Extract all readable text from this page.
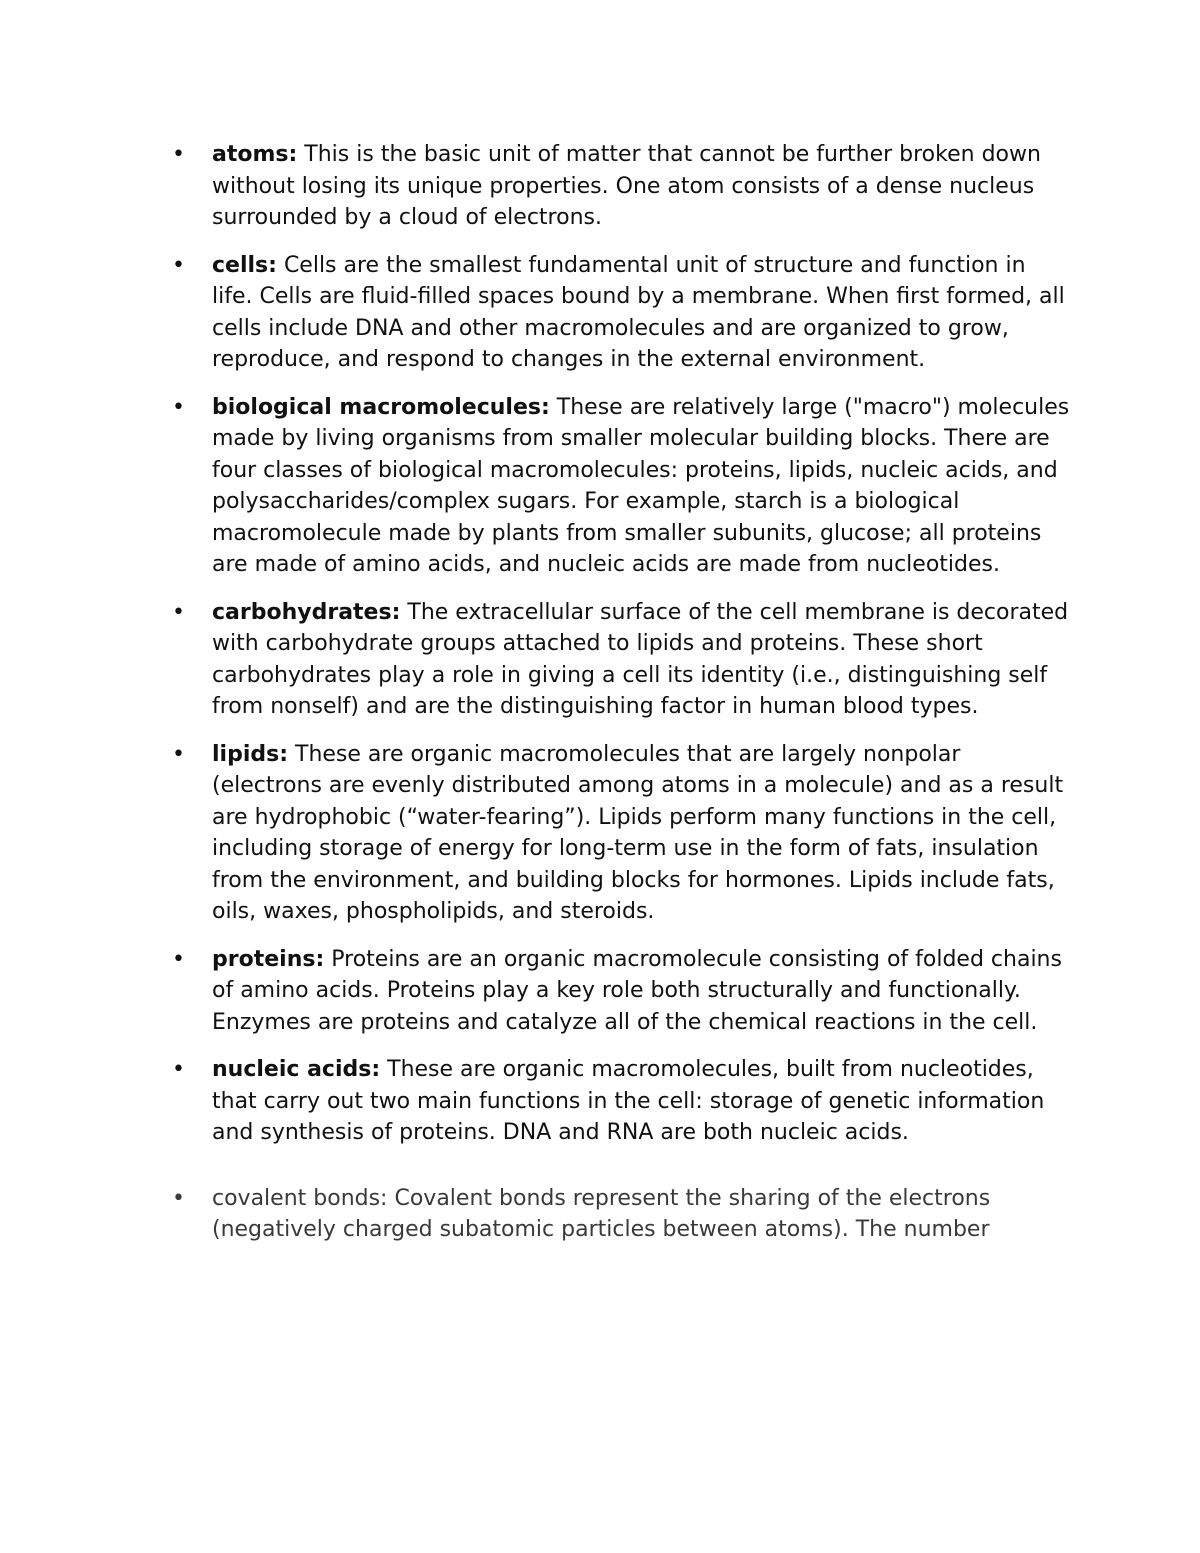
• atoms: This is the basic unit of matter that cannot be further broken down without losing its unique properties. One atom consists of a dense nucleus surrounded by a cloud of electrons.
• cells: Cells are the smallest fundamental unit of structure and function in life. Cells are fluid-filled spaces bound by a membrane. When first formed, all cells include DNA and other macromolecules and are organized to grow, reproduce, and respond to changes in the external environment.
• biological macromolecules: These are relatively large ("macro") molecules made by living organisms from smaller molecular building blocks. There are four classes of biological macromolecules: proteins, lipids, nucleic acids, and polysaccharides/complex sugars. For example, starch is a biological macromolecule made by plants from smaller subunits, glucose; all proteins are made of amino acids, and nucleic acids are made from nucleotides.
• carbohydrates: The extracellular surface of the cell membrane is decorated with carbohydrate groups attached to lipids and proteins. These short carbohydrates play a role in giving a cell its identity (i.e., distinguishing self from nonself) and are the distinguishing factor in human blood types.
• lipids: These are organic macromolecules that are largely nonpolar (electrons are evenly distributed among atoms in a molecule) and as a result are hydrophobic (“water-fearing”). Lipids perform many functions in the cell, including storage of energy for long-term use in the form of fats, insulation from the environment, and building blocks for hormones. Lipids include fats, oils, waxes, phospholipids, and steroids.
• proteins: Proteins are an organic macromolecule consisting of folded chains of amino acids. Proteins play a key role both structurally and functionally. Enzymes are proteins and catalyze all of the chemical reactions in the cell.
• nucleic acids: These are organic macromolecules, built from nucleotides, that carry out two main functions in the cell: storage of genetic information and synthesis of proteins. DNA and RNA are both nucleic acids.
• covalent bonds: Covalent bonds represent the sharing of the electrons (negatively charged subatomic particles between atoms). The number
